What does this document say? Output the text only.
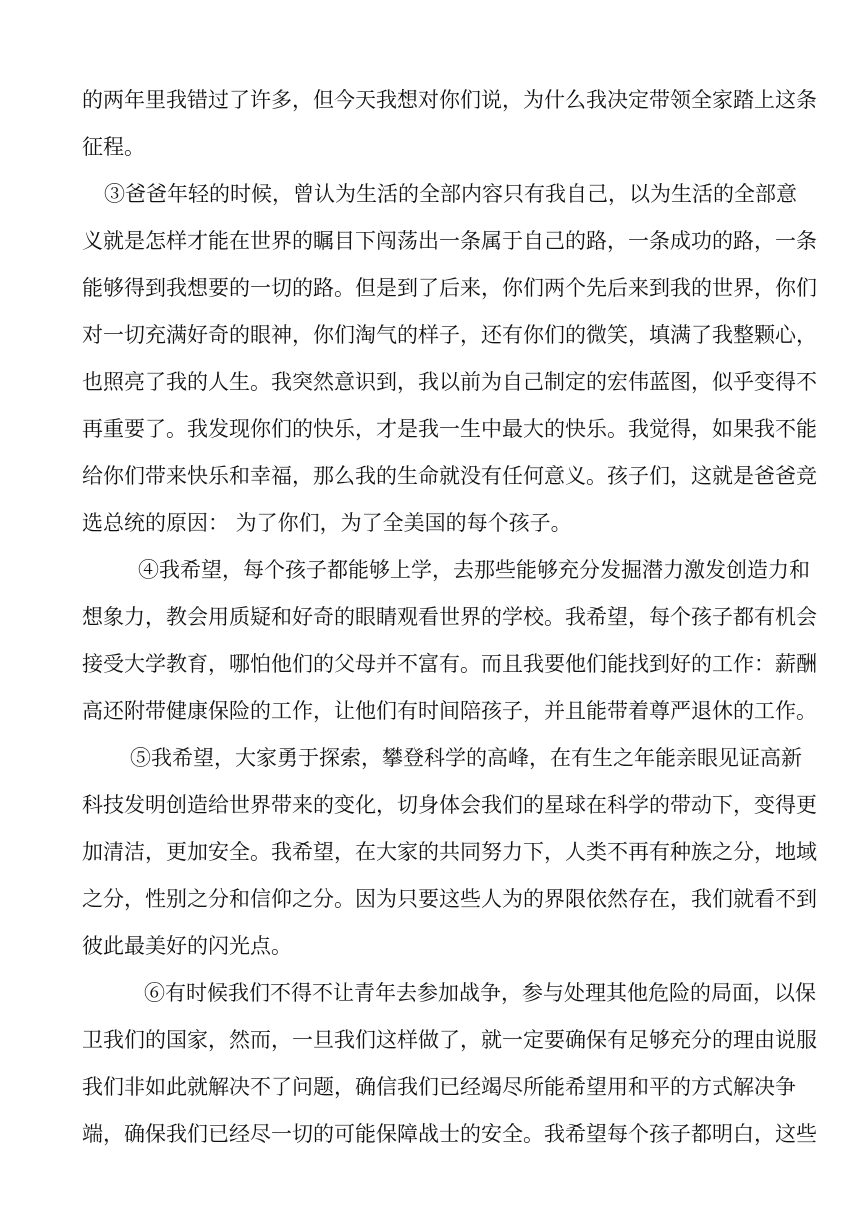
的两年里我错过了许多，但今天我想对你们说，为什么我决定带领全家踏上这条
征程。
③爸爸年轻的时候，曾认为生活的全部内容只有我自己，以为生活的全部意
义就是怎样才能在世界的瞩目下闯荡出一条属于自己的路，一条成功的路，一条
能够得到我想要的一切的路。但是到了后来，你们两个先后来到我的世界，你们
对一切充满好奇的眼神，你们淘气的样子，还有你们的微笑，填满了我整颗心，
也照亮了我的人生。我突然意识到，我以前为自己制定的宏伟蓝图，似乎变得不
再重要了。我发现你们的快乐，才是我一生中最大的快乐。我觉得，如果我不能
给你们带来快乐和幸福，那么我的生命就没有任何意义。孩子们，这就是爸爸竞
选总统的原因： 为了你们，为了全美国的每个孩子。
④我希望，每个孩子都能够上学，去那些能够充分发掘潜力激发创造力和
想象力，教会用质疑和好奇的眼睛观看世界的学校。我希望，每个孩子都有机会
接受大学教育，哪怕他们的父母并不富有。而且我要他们能找到好的工作：薪酬
高还附带健康保险的工作，让他们有时间陪孩子，并且能带着尊严退休的工作。
⑤我希望，大家勇于探索，攀登科学的高峰，在有生之年能亲眼见证高新
科技发明创造给世界带来的变化，切身体会我们的星球在科学的带动下，变得更
加清洁，更加安全。我希望，在大家的共同努力下，人类不再有种族之分，地域
之分，性别之分和信仰之分。因为只要这些人为的界限依然存在，我们就看不到
彼此最美好的闪光点。
⑥有时候我们不得不让青年去参加战争，参与处理其他危险的局面，以保
卫我们的国家，然而，一旦我们这样做了，就一定要确保有足够充分的理由说服
我们非如此就解决不了问题，确信我们已经竭尽所能希望用和平的方式解决争
端，确保我们已经尽一切的可能保障战士的安全。我希望每个孩子都明白，这些
